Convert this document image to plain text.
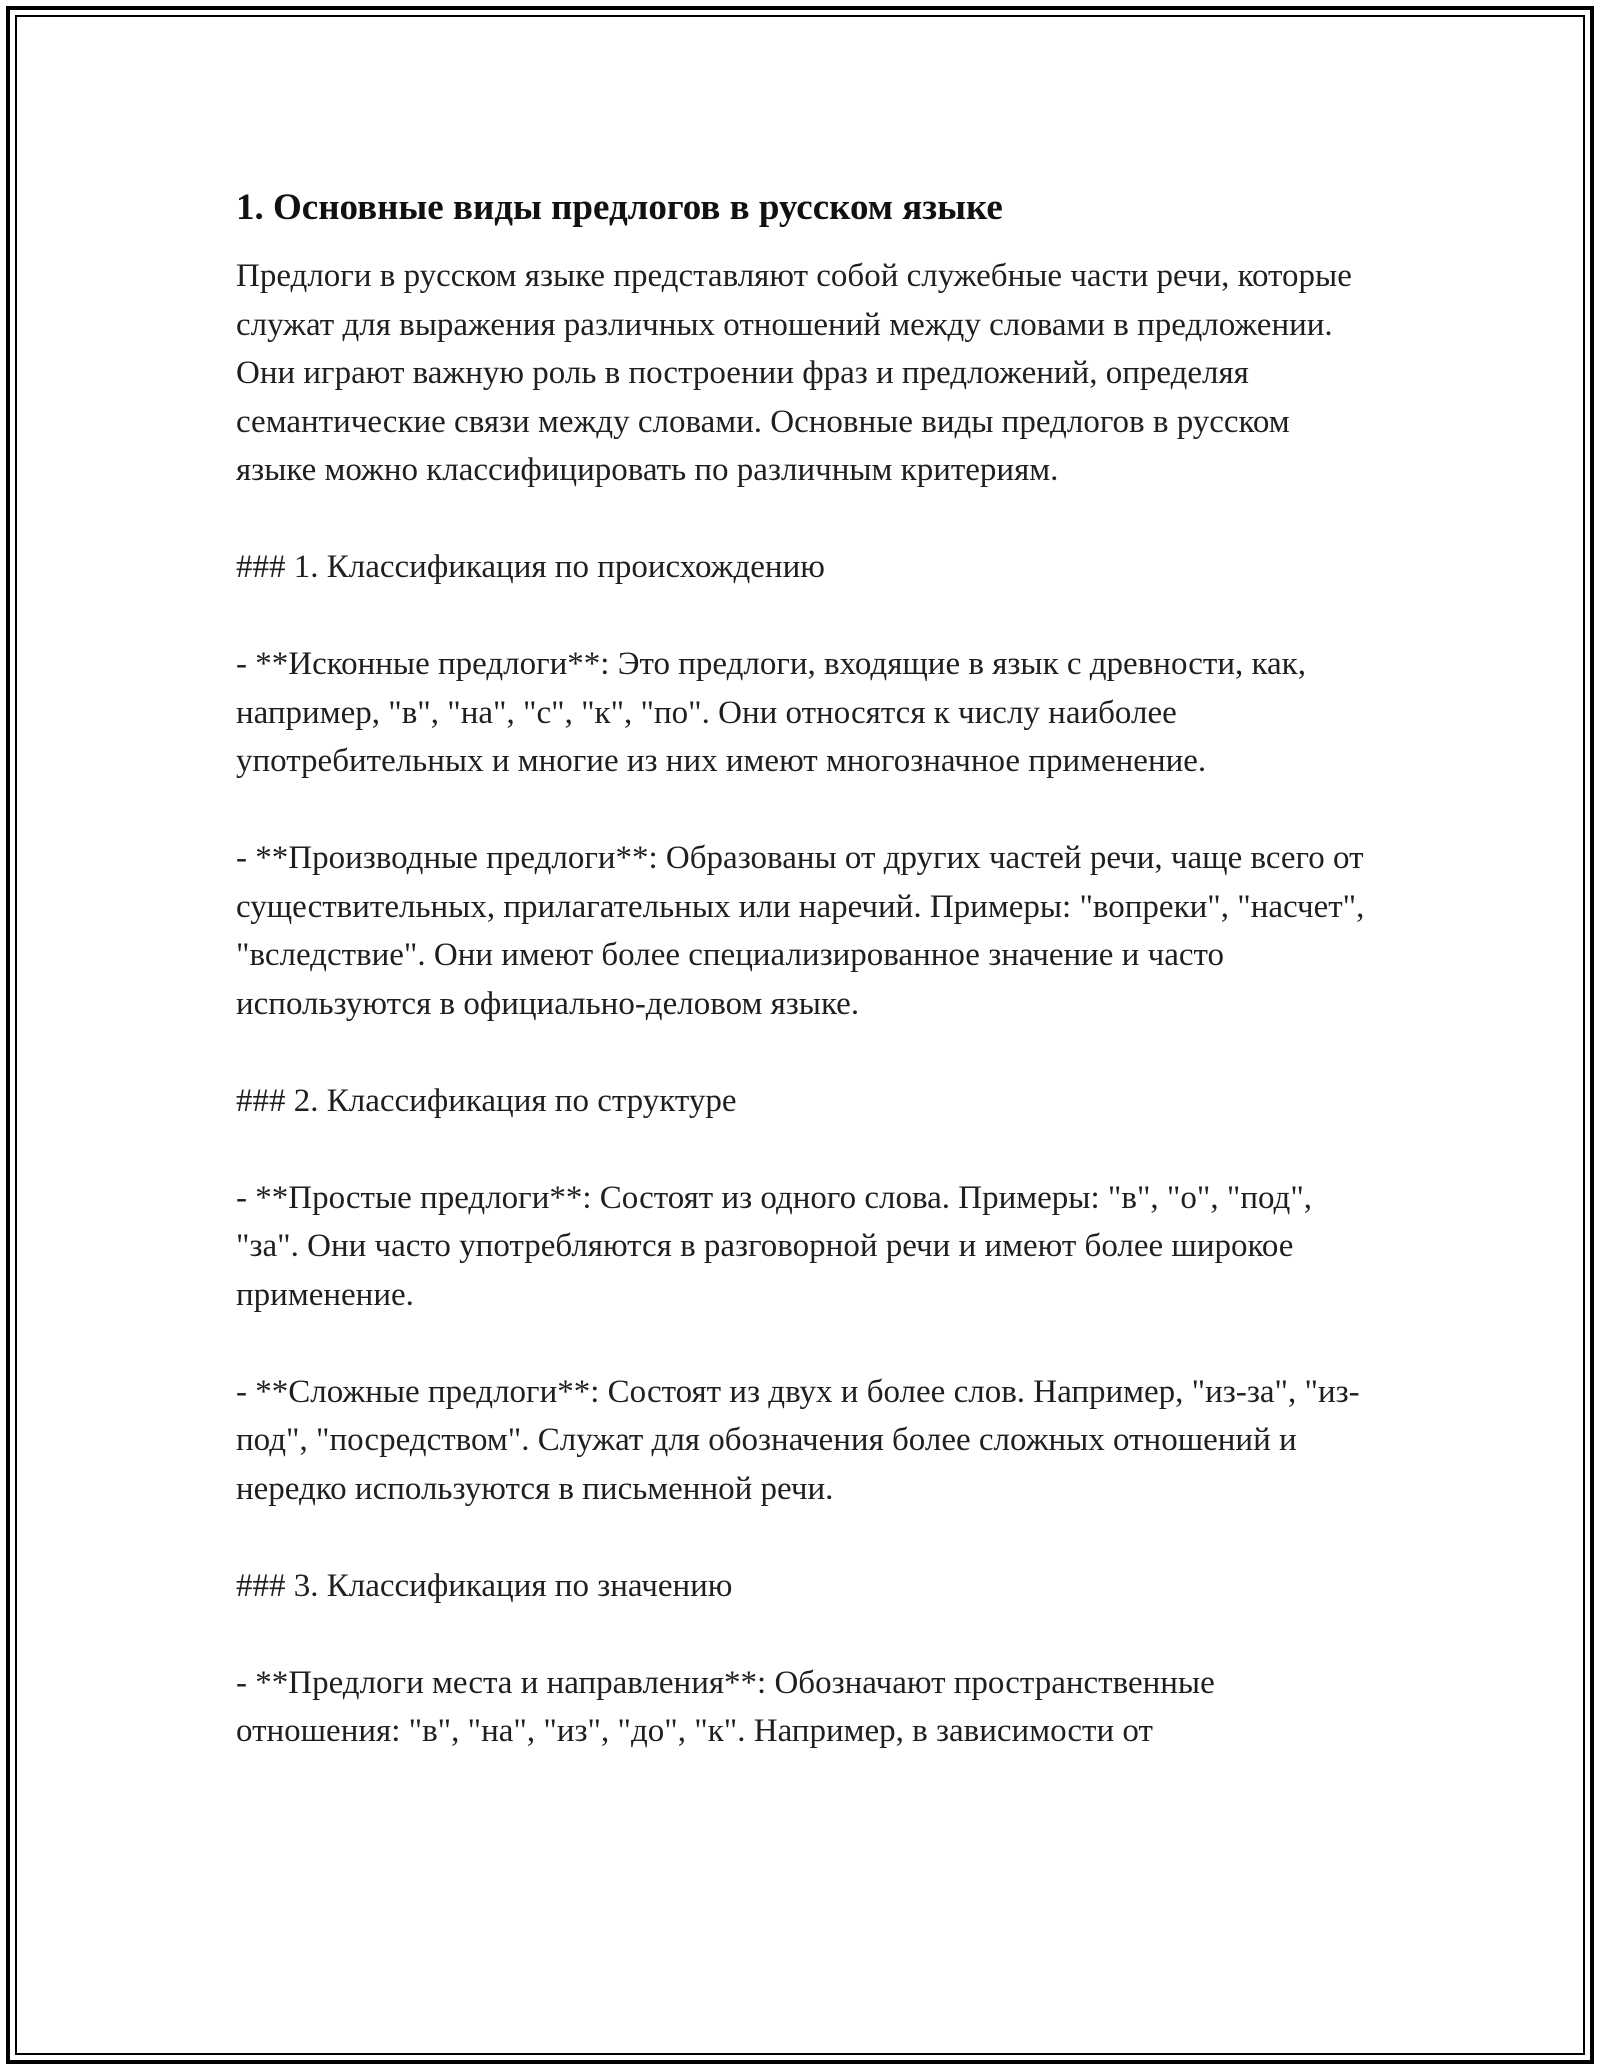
1. Основные виды предлогов в русском языке

Предлоги в русском языке представляют собой служебные части речи, которые служат для выражения различных отношений между словами в предложении. Они играют важную роль в построении фраз и предложений, определяя семантические связи между словами. Основные виды предлогов в русском языке можно классифицировать по различным критериям.

### 1. Классификация по происхождению

- **Исконные предлоги**: Это предлоги, входящие в язык с древности, как, например, "в", "на", "с", "к", "по". Они относятся к числу наиболее употребительных и многие из них имеют многозначное применение.

- **Производные предлоги**: Образованы от других частей речи, чаще всего от существительных, прилагательных или наречий. Примеры: "вопреки", "насчет", "вследствие". Они имеют более специализированное значение и часто используются в официально-деловом языке.

### 2. Классификация по структуре

- **Простые предлоги**: Состоят из одного слова. Примеры: "в", "о", "под", "за". Они часто употребляются в разговорной речи и имеют более широкое применение.

- **Сложные предлоги**: Состоят из двух и более слов. Например, "из-за", "из-под", "посредством". Служат для обозначения более сложных отношений и нередко используются в письменной речи.

### 3. Классификация по значению

- **Предлоги места и направления**: Обозначают пространственные отношения: "в", "на", "из", "до", "к". Например, в зависимости от
